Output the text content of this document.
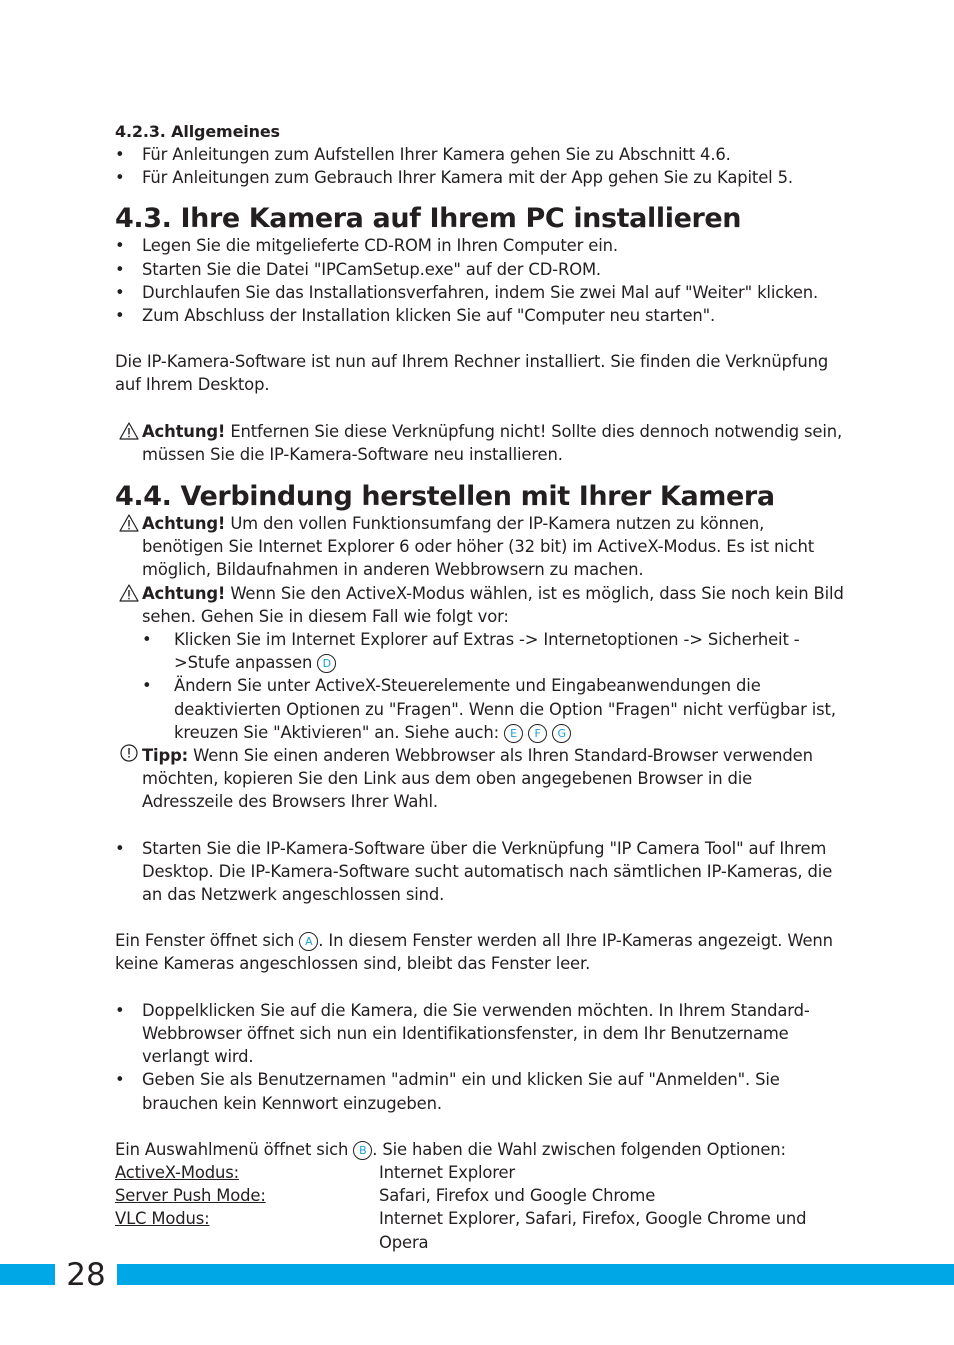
4.2.3. Allgemeines

• Für Anleitungen zum Aufstellen Ihrer Kamera gehen Sie zu Abschnitt 4.6.
• Für Anleitungen zum Gebrauch Ihrer Kamera mit der App gehen Sie zu Kapitel 5.

4.3. Ihre Kamera auf Ihrem PC installieren

• Legen Sie die mitgelieferte CD-ROM in Ihren Computer ein.
• Starten Sie die Datei "IPCamSetup.exe" auf der CD-ROM.
• Durchlaufen Sie das Installationsverfahren, indem Sie zwei Mal auf "Weiter" klicken.
• Zum Abschluss der Installation klicken Sie auf "Computer neu starten".

Die IP-Kamera-Software ist nun auf Ihrem Rechner installiert. Sie finden die Verknüpfung auf Ihrem Desktop.

Achtung! Entfernen Sie diese Verknüpfung nicht! Sollte dies dennoch notwendig sein, müssen Sie die IP-Kamera-Software neu installieren.

4.4. Verbindung herstellen mit Ihrer Kamera

Achtung! Um den vollen Funktionsumfang der IP-Kamera nutzen zu können, benötigen Sie Internet Explorer 6 oder höher (32 bit) im ActiveX-Modus. Es ist nicht möglich, Bildaufnahmen in anderen Webbrowsern zu machen.
Achtung! Wenn Sie den ActiveX-Modus wählen, ist es möglich, dass Sie noch kein Bild sehen. Gehen Sie in diesem Fall wie folgt vor:
• Klicken Sie im Internet Explorer auf Extras -> Internetoptionen -> Sicherheit ->Stufe anpassen D
• Ändern Sie unter ActiveX-Steuerelemente und Eingabeanwendungen die deaktivierten Optionen zu "Fragen". Wenn die Option "Fragen" nicht verfügbar ist, kreuzen Sie "Aktivieren" an. Siehe auch: E F G
Tipp: Wenn Sie einen anderen Webbrowser als Ihren Standard-Browser verwenden möchten, kopieren Sie den Link aus dem oben angegebenen Browser in die Adresszeile des Browsers Ihrer Wahl.
• Starten Sie die IP-Kamera-Software über die Verknüpfung "IP Camera Tool" auf Ihrem Desktop. Die IP-Kamera-Software sucht automatisch nach sämtlichen IP-Kameras, die an das Netzwerk angeschlossen sind.

Ein Fenster öffnet sich A . In diesem Fenster werden all Ihre IP-Kameras angezeigt. Wenn keine Kameras angeschlossen sind, bleibt das Fenster leer.

• Doppelklicken Sie auf die Kamera, die Sie verwenden möchten. In Ihrem Standard-Webbrowser öffnet sich nun ein Identifikationsfenster, in dem Ihr Benutzername verlangt wird.
• Geben Sie als Benutzernamen "admin" ein und klicken Sie auf "Anmelden". Sie brauchen kein Kennwort einzugeben.

Ein Auswahlmenü öffnet sich B . Sie haben die Wahl zwischen folgenden Optionen:

ActiveX-Modus:	Internet Explorer
Server Push Mode:	Safari, Firefox und Google Chrome
VLC Modus:	Internet Explorer, Safari, Firefox, Google Chrome und Opera
28
